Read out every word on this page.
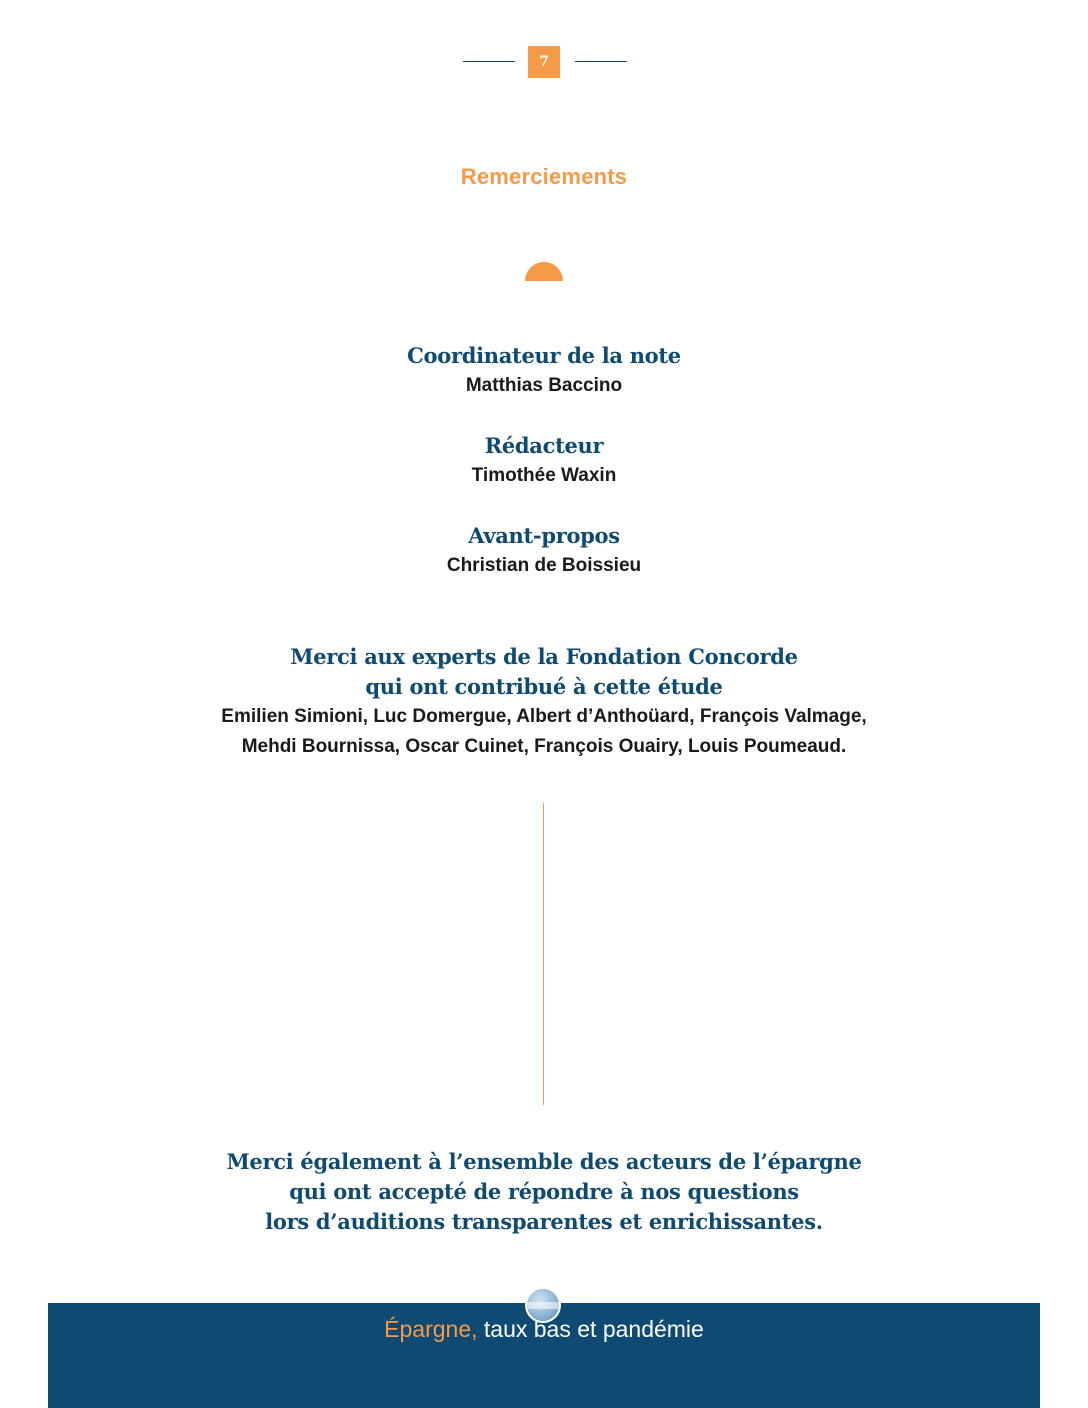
7
Remerciements
Coordinateur de la note
Matthias Baccino
Rédacteur
Timothée Waxin
Avant-propos
Christian de Boissieu
Merci aux experts de la Fondation Concorde
qui ont contribué à cette étude
Emilien Simioni, Luc Domergue, Albert d’Anthoüard, François Valmage,
Mehdi Bournissa, Oscar Cuinet, François Ouairy, Louis Poumeaud.
Merci également à l’ensemble des acteurs de l’épargne
qui ont accepté de répondre à nos questions
lors d’auditions transparentes et enrichissantes.
Épargne, taux bas et pandémie
